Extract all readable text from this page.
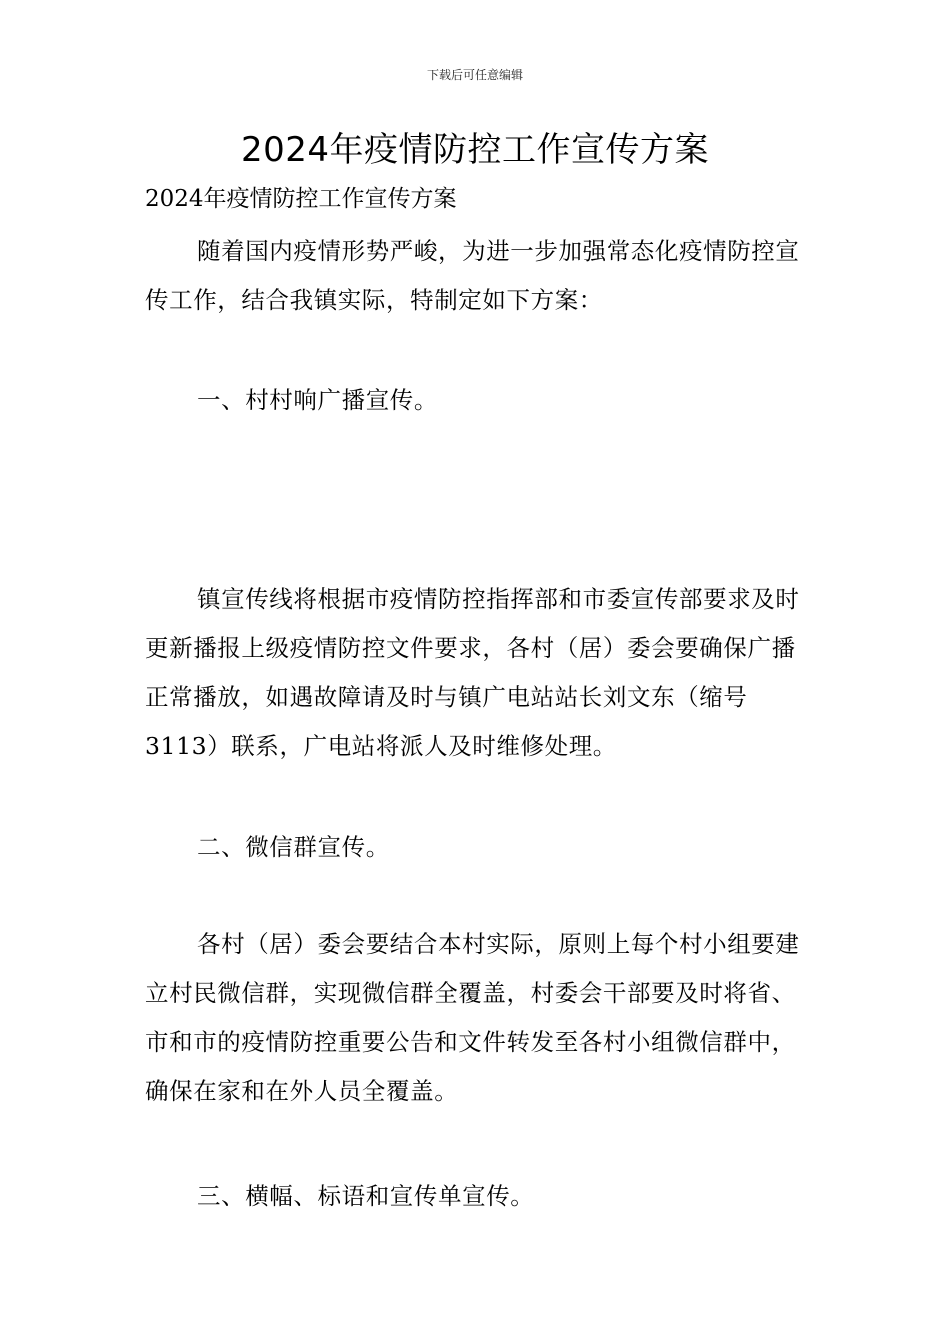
下载后可任意编辑
2024年疫情防控工作宣传方案
2024年疫情防控工作宣传方案

随着国内疫情形势严峻，为进一步加强常态化疫情防控宣传工作，结合我镇实际，特制定如下方案：

一、村村响广播宣传。

镇宣传线将根据市疫情防控指挥部和市委宣传部要求及时更新播报上级疫情防控文件要求，各村（居）委会要确保广播正常播放，如遇故障请及时与镇广电站站长刘文东（缩号3113）联系，广电站将派人及时维修处理。

二、微信群宣传。

各村（居）委会要结合本村实际，原则上每个村小组要建立村民微信群，实现微信群全覆盖，村委会干部要及时将省、市和市的疫情防控重要公告和文件转发至各村小组微信群中，确保在家和在外人员全覆盖。

三、横幅、标语和宣传单宣传。
